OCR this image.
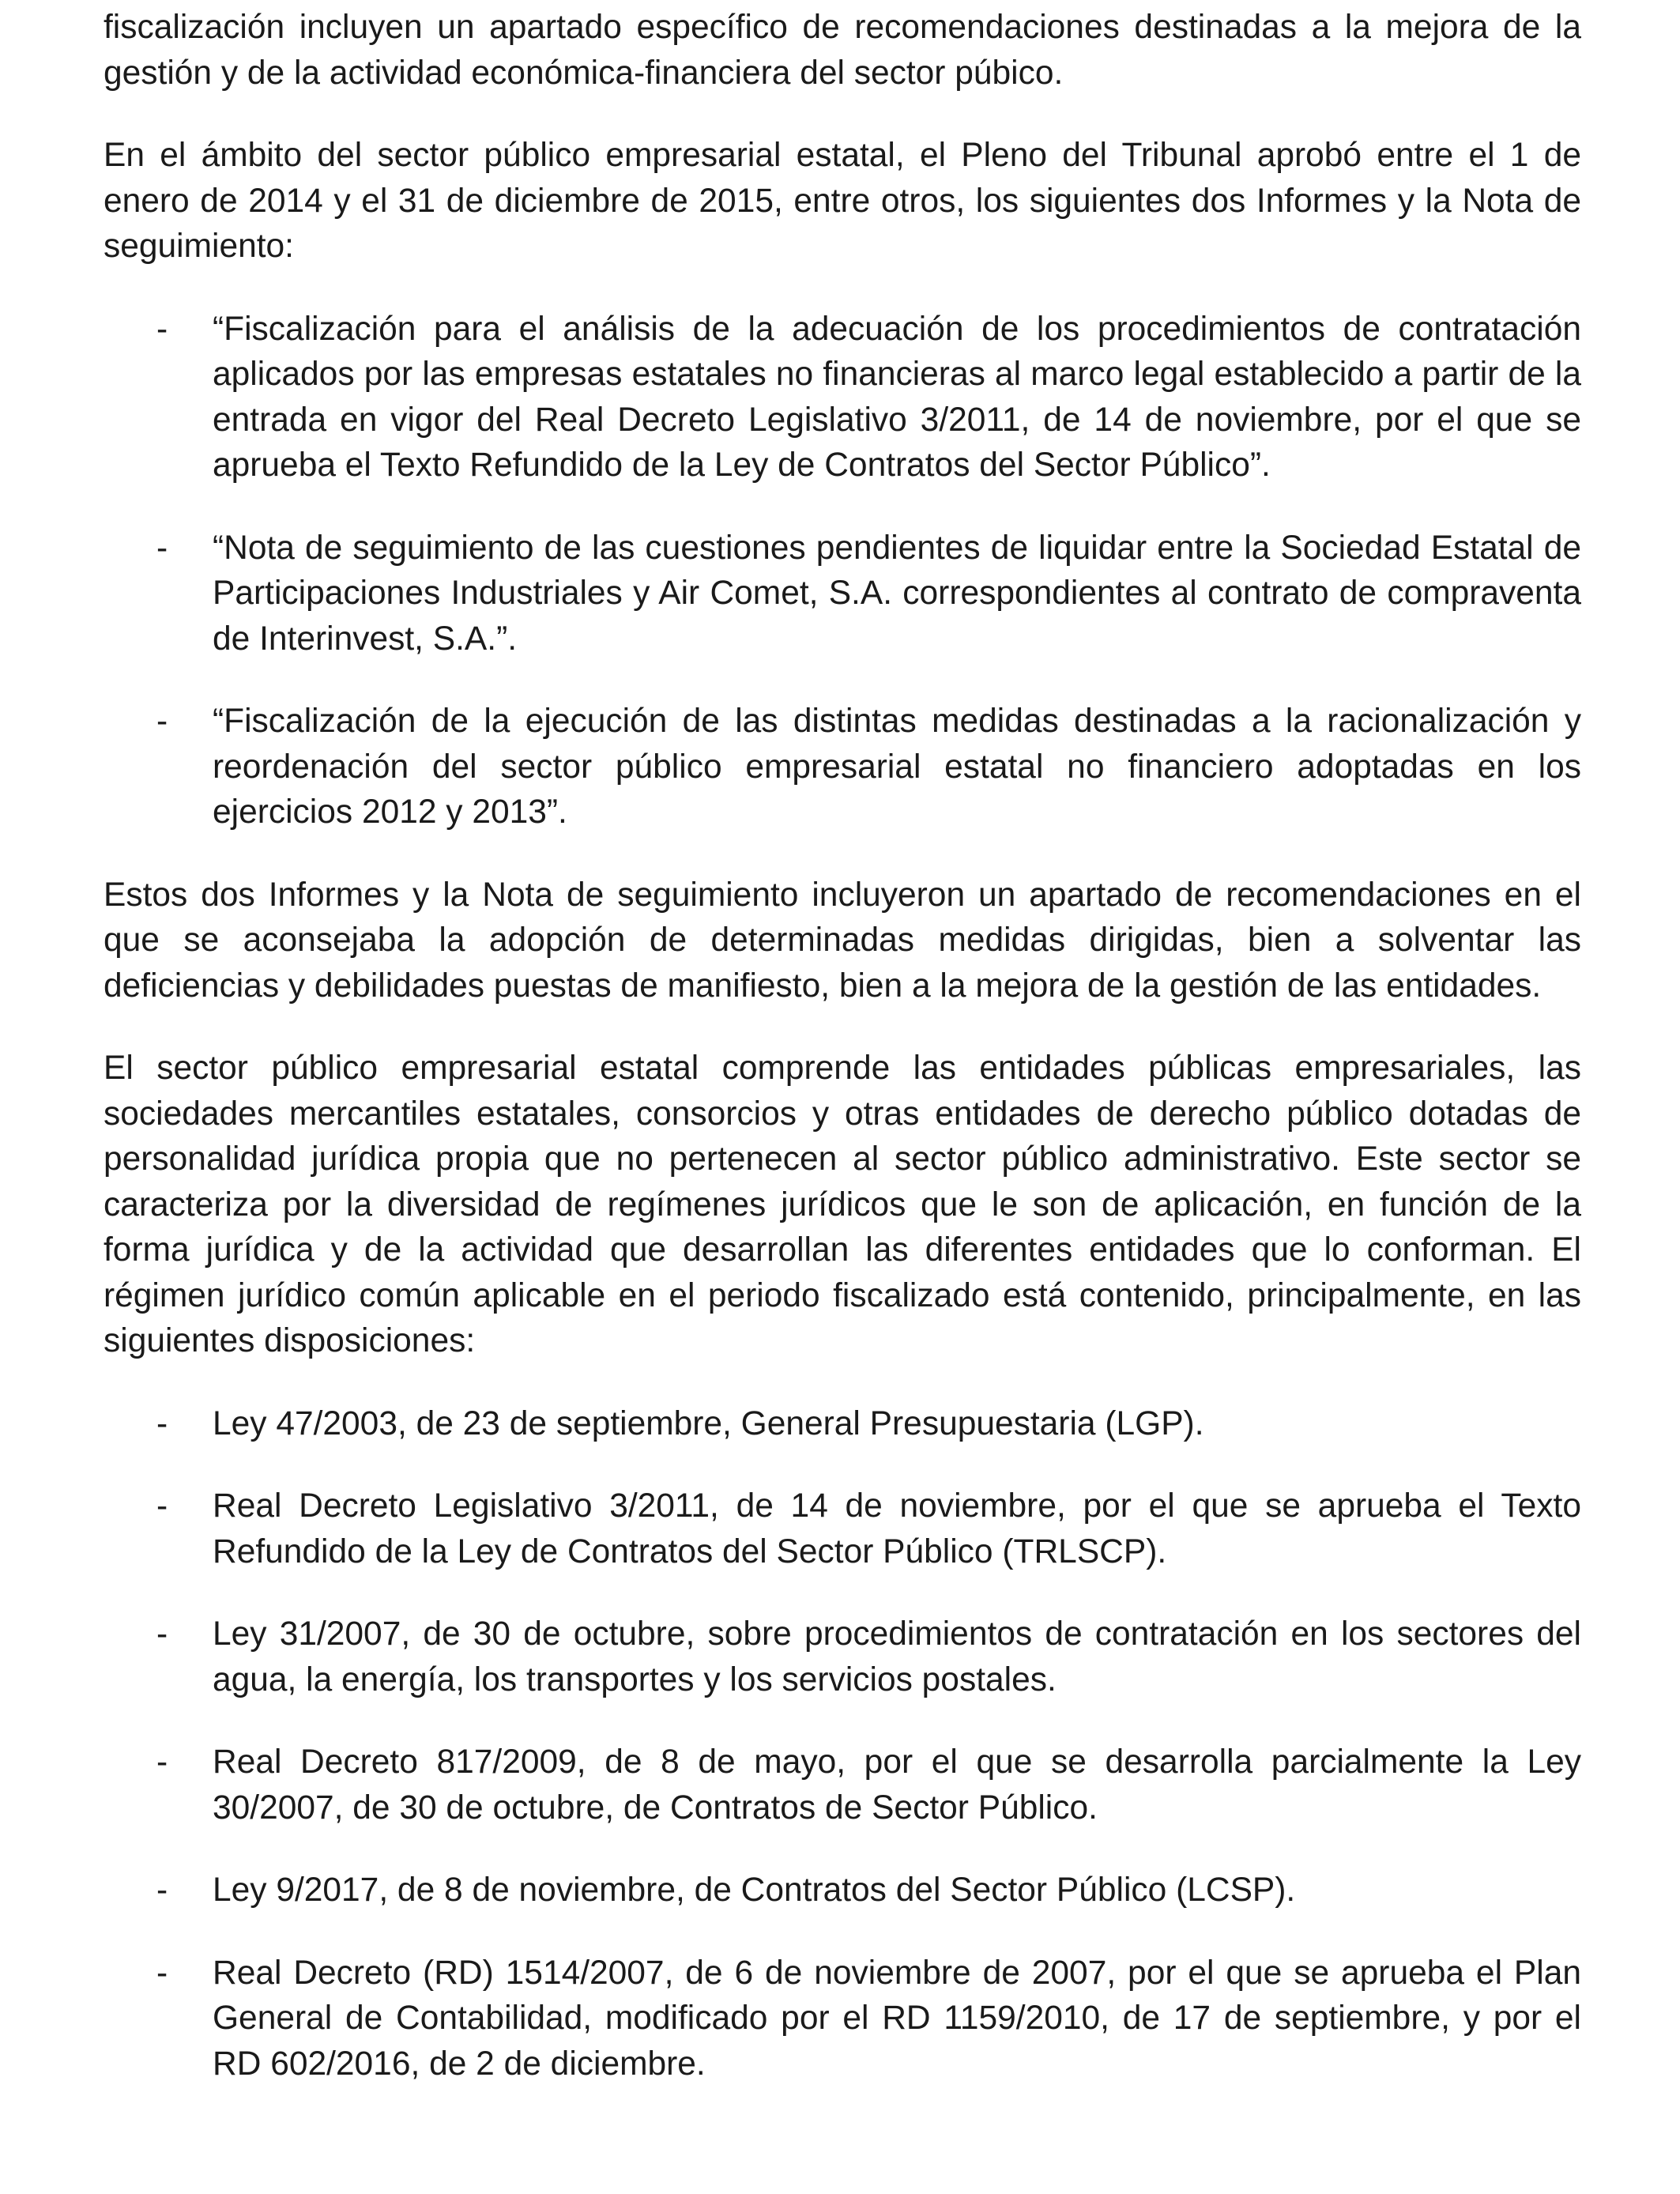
fiscalización incluyen un apartado específico de recomendaciones destinadas a la mejora de la gestión y de la actividad económica-financiera del sector púbico.

En el ámbito del sector público empresarial estatal, el Pleno del Tribunal aprobó entre el 1 de enero de 2014 y el 31 de diciembre de 2015, entre otros, los siguientes dos Informes y la Nota de seguimiento:

- “Fiscalización para el análisis de la adecuación de los procedimientos de contratación aplicados por las empresas estatales no financieras al marco legal establecido a partir de la entrada en vigor del Real Decreto Legislativo 3/2011, de 14 de noviembre, por el que se aprueba el Texto Refundido de la Ley de Contratos del Sector Público”.
- “Nota de seguimiento de las cuestiones pendientes de liquidar entre la Sociedad Estatal de Participaciones Industriales y Air Comet, S.A. correspondientes al contrato de compraventa de Interinvest, S.A.”.
- “Fiscalización de la ejecución de las distintas medidas destinadas a la racionalización y reordenación del sector público empresarial estatal no financiero adoptadas en los ejercicios 2012 y 2013”.

Estos dos Informes y la Nota de seguimiento incluyeron un apartado de recomendaciones en el que se aconsejaba la adopción de determinadas medidas dirigidas, bien a solventar las deficiencias y debilidades puestas de manifiesto, bien a la mejora de la gestión de las entidades.

El sector público empresarial estatal comprende las entidades públicas empresariales, las sociedades mercantiles estatales, consorcios y otras entidades de derecho público dotadas de personalidad jurídica propia que no pertenecen al sector público administrativo. Este sector se caracteriza por la diversidad de regímenes jurídicos que le son de aplicación, en función de la forma jurídica y de la actividad que desarrollan las diferentes entidades que lo conforman. El régimen jurídico común aplicable en el periodo fiscalizado está contenido, principalmente, en las siguientes disposiciones:

- Ley 47/2003, de 23 de septiembre, General Presupuestaria (LGP).
- Real Decreto Legislativo 3/2011, de 14 de noviembre, por el que se aprueba el Texto Refundido de la Ley de Contratos del Sector Público (TRLSCP).
- Ley 31/2007, de 30 de octubre, sobre procedimientos de contratación en los sectores del agua, la energía, los transportes y los servicios postales.
- Real Decreto 817/2009, de 8 de mayo, por el que se desarrolla parcialmente la Ley 30/2007, de 30 de octubre, de Contratos de Sector Público.
- Ley 9/2017, de 8 de noviembre, de Contratos del Sector Público (LCSP).
- Real Decreto (RD) 1514/2007, de 6 de noviembre de 2007, por el que se aprueba el Plan General de Contabilidad, modificado por el RD 1159/2010, de 17 de septiembre, y por el RD 602/2016, de 2 de diciembre.
